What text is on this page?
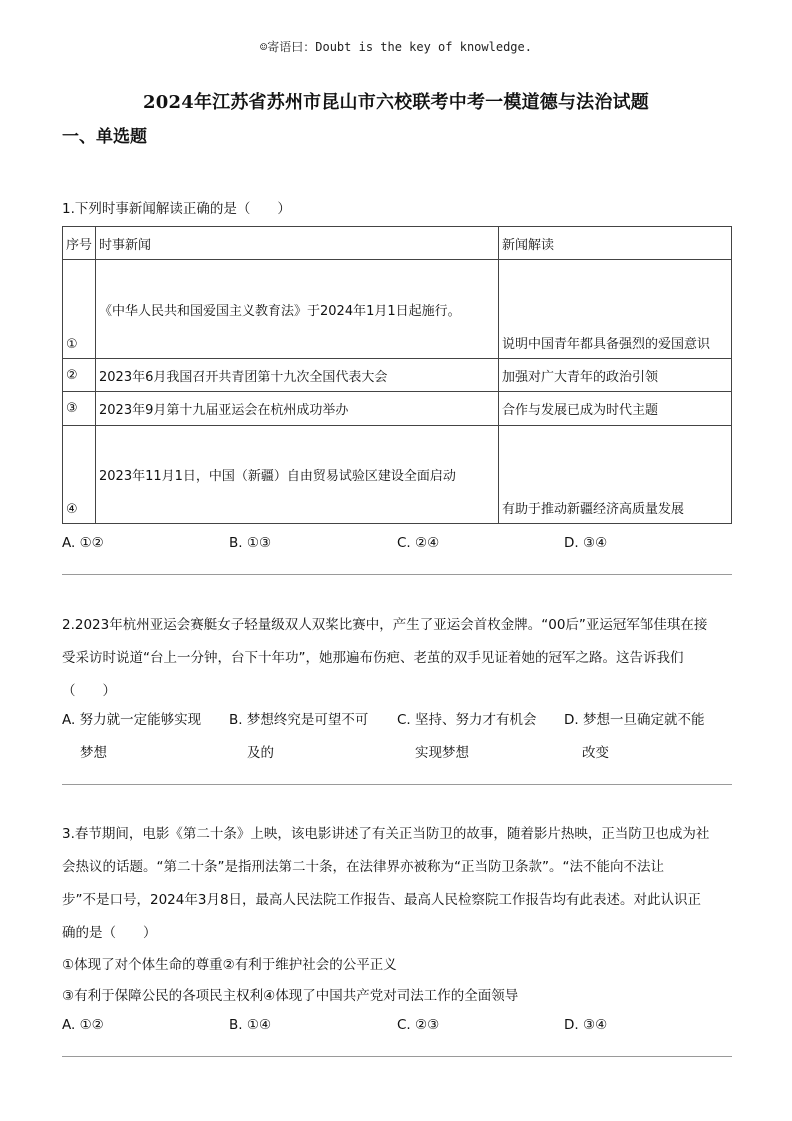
☺寄语曰：Doubt is the key of knowledge.
2024年江苏省苏州市昆山市六校联考中考一模道德与法治试题
一、单选题
1.下列时事新闻解读正确的是（　　）
序号	时事新闻	新闻解读
①	《中华人民共和国爱国主义教育法》于2024年1月1日起施行。	说明中国青年都具备强烈的爱国意识
②	2023年6月我国召开共青团第十九次全国代表大会	加强对广大青年的政治引领
③	2023年9月第十九届亚运会在杭州成功举办	合作与发展已成为时代主题
④	2023年11月1日，中国（新疆）自由贸易试验区建设全面启动	有助于推动新疆经济高质量发展
A. ①②	B. ①③	C. ②④	D. ③④
2.2023年杭州亚运会赛艇女子轻量级双人双桨比赛中，产生了亚运会首枚金牌。“00后”亚运冠军邹佳琪在接
受采访时说道“台上一分钟，台下十年功”，她那遍布伤疤、老茧的双手见证着她的冠军之路。这告诉我们
（　　）
A. 努力就一定能够实现
梦想
B. 梦想终究是可望不可
及的
C. 坚持、努力才有机会
实现梦想
D. 梦想一旦确定就不能
改变
3.春节期间，电影《第二十条》上映，该电影讲述了有关正当防卫的故事，随着影片热映，正当防卫也成为社
会热议的话题。“第二十条”是指刑法第二十条，在法律界亦被称为“正当防卫条款”。“法不能向不法让
步”不是口号，2024年3月8日，最高人民法院工作报告、最高人民检察院工作报告均有此表述。对此认识正
确的是（　　）
①体现了对个体生命的尊重②有利于维护社会的公平正义
③有利于保障公民的各项民主权利④体现了中国共产党对司法工作的全面领导
A. ①②	B. ①④	C. ②③	D. ③④
